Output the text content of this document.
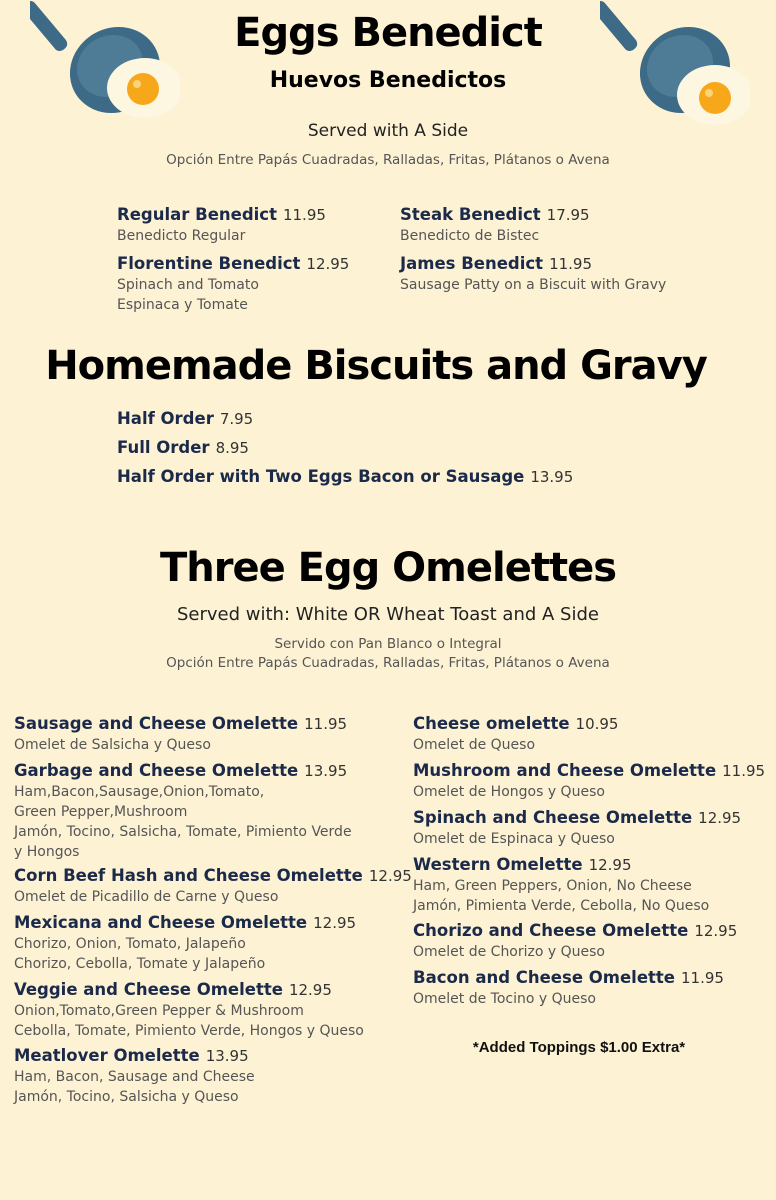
Eggs Benedict
Huevos Benedictos
Served with A Side
Opción Entre Papás Cuadradas, Ralladas, Fritas, Plátanos o Avena
Regular Benedict 11.95
Benedicto Regular
Florentine Benedict 12.95
Spinach and Tomato
Espinaca y Tomate
Steak Benedict 17.95
Benedicto de Bistec
James Benedict 11.95
Sausage Patty on a Biscuit with Gravy
Homemade Biscuits and Gravy
Half Order 7.95
Full Order 8.95
Half Order with Two Eggs Bacon or Sausage 13.95
Three Egg Omelettes
Served with: White OR Wheat Toast and A Side
Servido con Pan Blanco o Integral
Opción Entre Papás Cuadradas, Ralladas, Fritas, Plátanos o Avena
Sausage and Cheese Omelette 11.95
Omelet de Salsicha y Queso
Garbage and Cheese Omelette 13.95
Ham,Bacon,Sausage,Onion,Tomato,
Green Pepper,Mushroom
Jamón, Tocino, Salsicha, Tomate, Pimiento Verde
y Hongos
Corn Beef Hash and Cheese Omelette 12.95
Omelet de Picadillo de Carne y Queso
Mexicana and Cheese Omelette 12.95
Chorizo, Onion, Tomato, Jalapeño
Chorizo, Cebolla, Tomate y Jalapeño
Veggie and Cheese Omelette 12.95
Onion,Tomato,Green Pepper & Mushroom
Cebolla, Tomate, Pimiento Verde, Hongos y Queso
Meatlover Omelette 13.95
Ham, Bacon, Sausage and Cheese
Jamón, Tocino, Salsicha y Queso
Cheese omelette 10.95
Omelet de Queso
Mushroom and Cheese Omelette 11.95
Omelet de Hongos y Queso
Spinach and Cheese Omelette 12.95
Omelet de Espinaca y Queso
Western Omelette 12.95
Ham, Green Peppers, Onion, No Cheese
Jamón, Pimienta Verde, Cebolla, No Queso
Chorizo and Cheese Omelette 12.95
Omelet de Chorizo y Queso
Bacon and Cheese Omelette 11.95
Omelet de Tocino y Queso
*Added Toppings $1.00 Extra*
